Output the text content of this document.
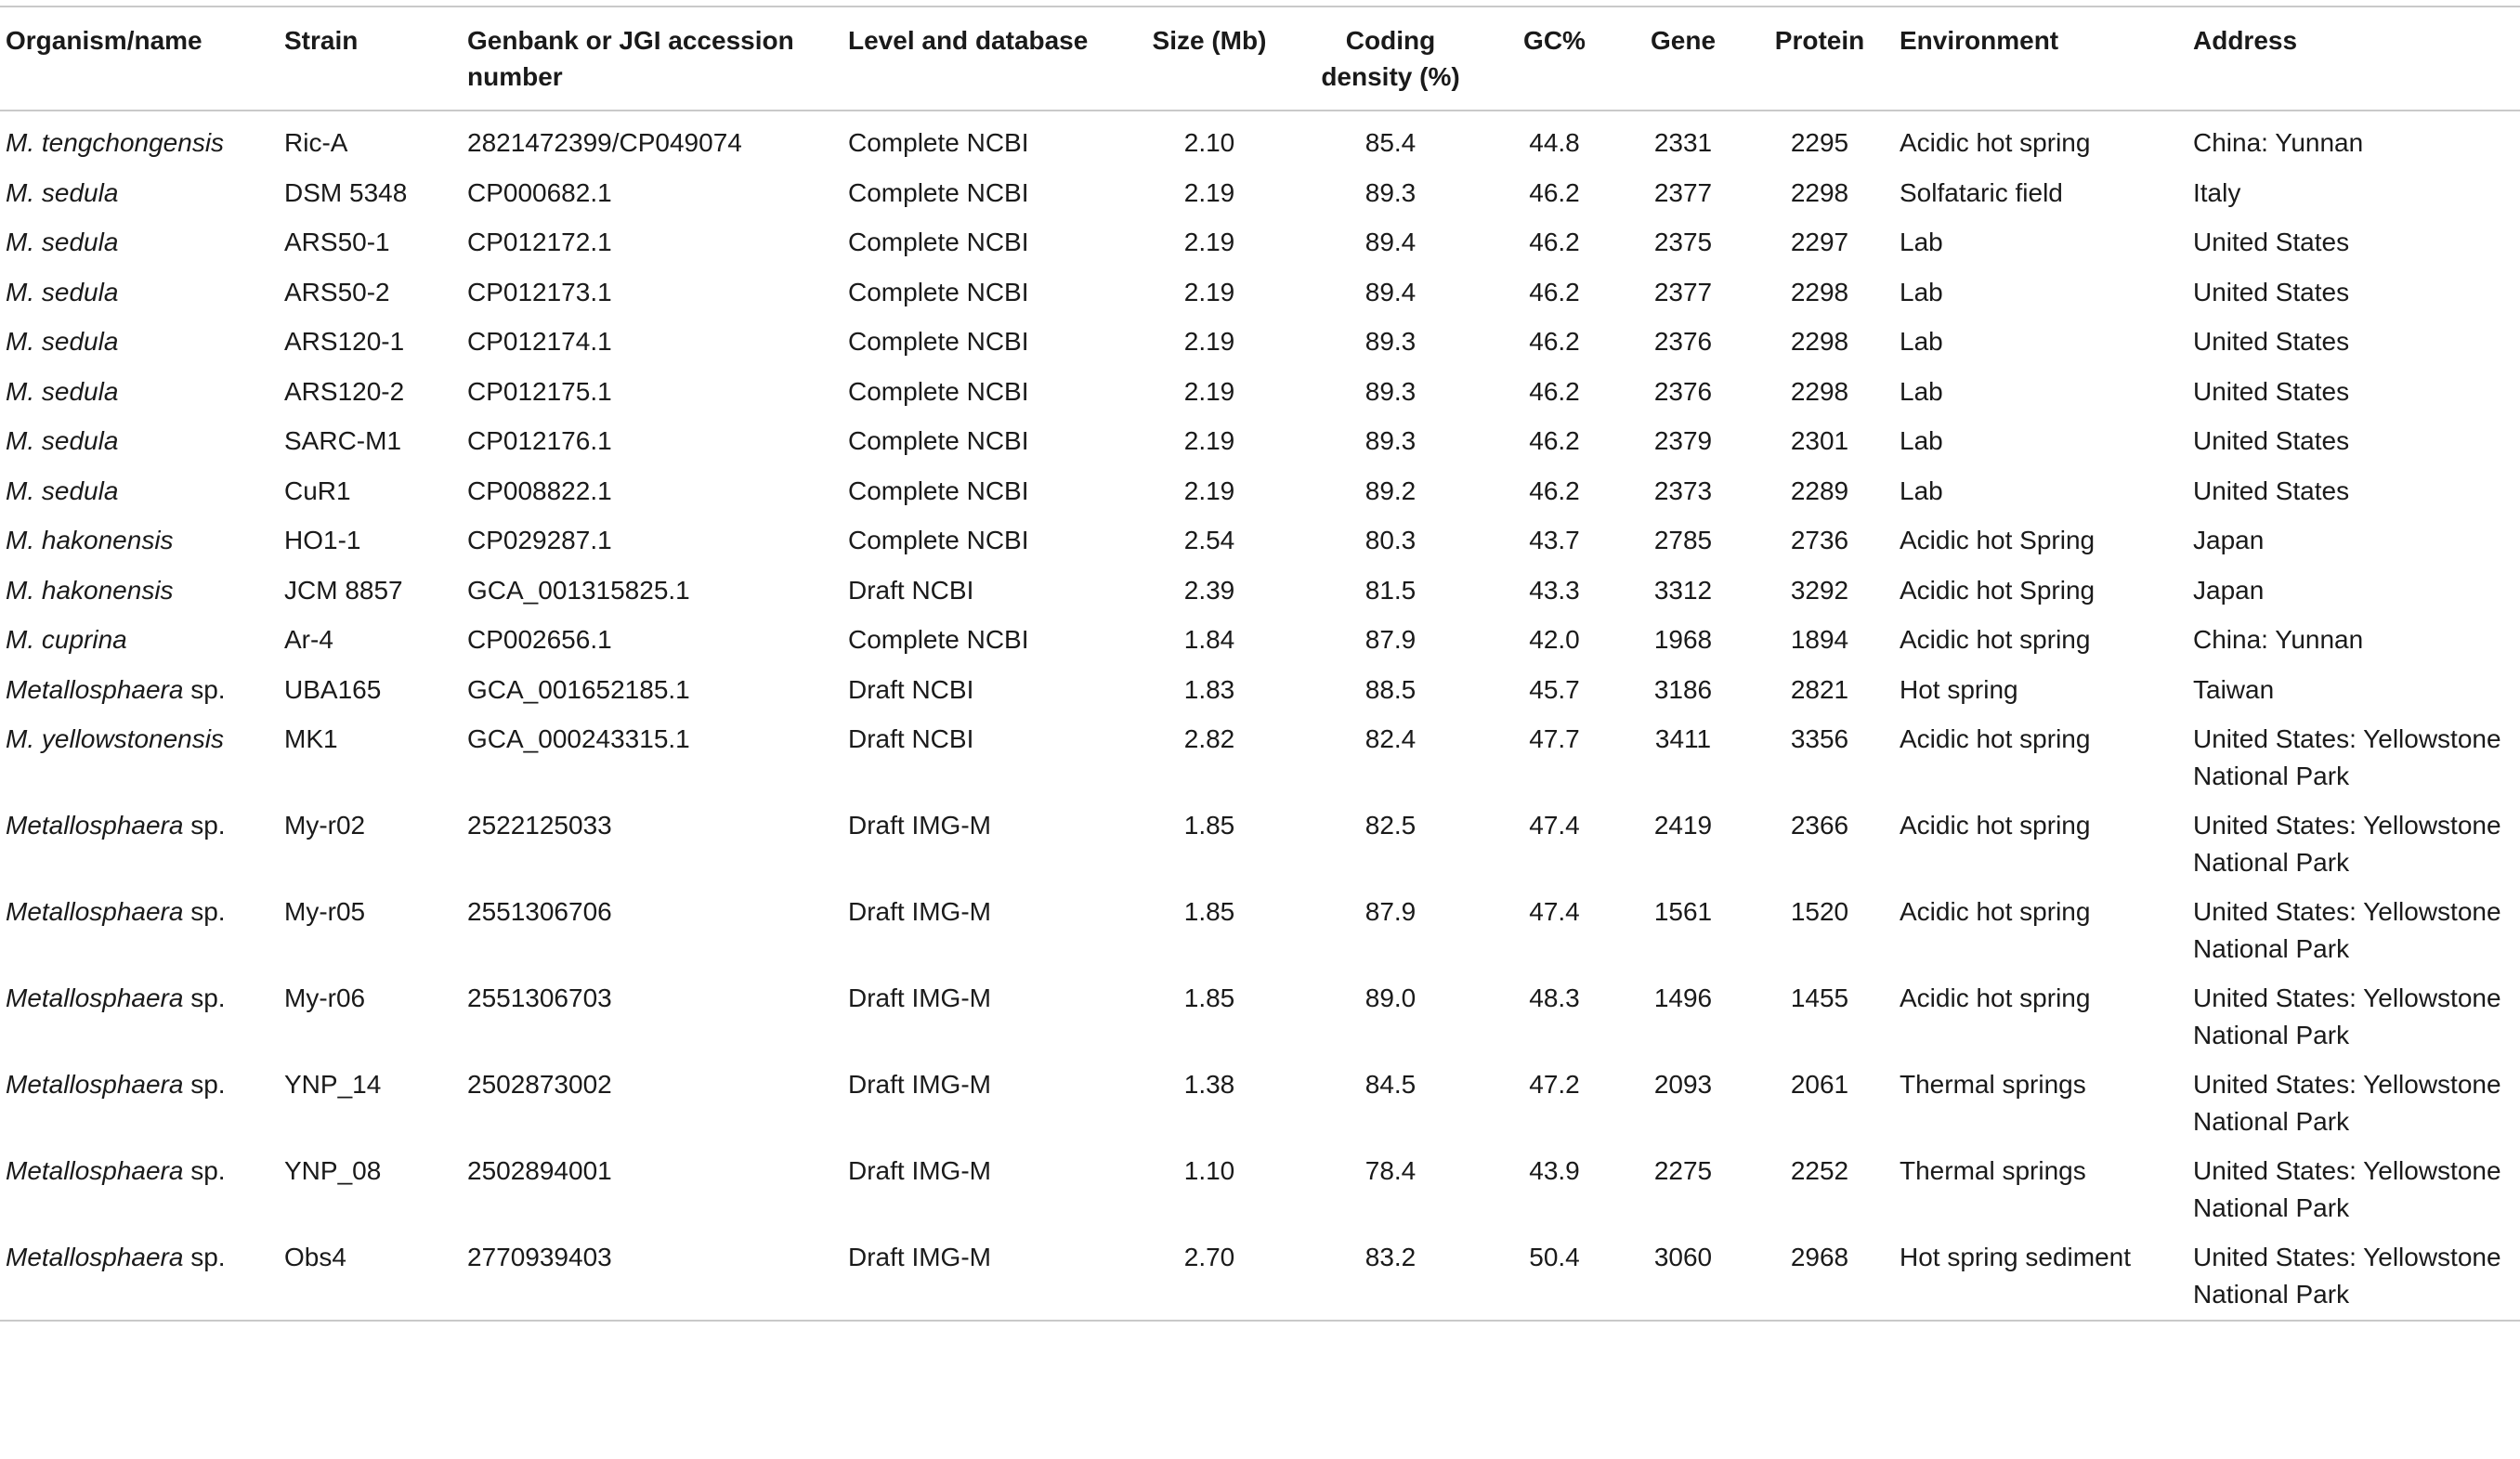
Organism/name	Strain	Genbank or JGI accession number	Level and database	Size (Mb)	Coding density (%)	GC%	Gene	Protein	Environment	Address
M. tengchongensis	Ric-A	2821472399/CP049074	Complete NCBI	2.10	85.4	44.8	2331	2295	Acidic hot spring	China: Yunnan
M. sedula	DSM 5348	CP000682.1	Complete NCBI	2.19	89.3	46.2	2377	2298	Solfataric field	Italy
M. sedula	ARS50-1	CP012172.1	Complete NCBI	2.19	89.4	46.2	2375	2297	Lab	United States
M. sedula	ARS50-2	CP012173.1	Complete NCBI	2.19	89.4	46.2	2377	2298	Lab	United States
M. sedula	ARS120-1	CP012174.1	Complete NCBI	2.19	89.3	46.2	2376	2298	Lab	United States
M. sedula	ARS120-2	CP012175.1	Complete NCBI	2.19	89.3	46.2	2376	2298	Lab	United States
M. sedula	SARC-M1	CP012176.1	Complete NCBI	2.19	89.3	46.2	2379	2301	Lab	United States
M. sedula	CuR1	CP008822.1	Complete NCBI	2.19	89.2	46.2	2373	2289	Lab	United States
M. hakonensis	HO1-1	CP029287.1	Complete NCBI	2.54	80.3	43.7	2785	2736	Acidic hot Spring	Japan
M. hakonensis	JCM 8857	GCA_001315825.1	Draft NCBI	2.39	81.5	43.3	3312	3292	Acidic hot Spring	Japan
M. cuprina	Ar-4	CP002656.1	Complete NCBI	1.84	87.9	42.0	1968	1894	Acidic hot spring	China: Yunnan
Metallosphaera sp.	UBA165	GCA_001652185.1	Draft NCBI	1.83	88.5	45.7	3186	2821	Hot spring	Taiwan
M. yellowstonensis	MK1	GCA_000243315.1	Draft NCBI	2.82	82.4	47.7	3411	3356	Acidic hot spring	United States: Yellowstone National Park
Metallosphaera sp.	My-r02	2522125033	Draft IMG-M	1.85	82.5	47.4	2419	2366	Acidic hot spring	United States: Yellowstone National Park
Metallosphaera sp.	My-r05	2551306706	Draft IMG-M	1.85	87.9	47.4	1561	1520	Acidic hot spring	United States: Yellowstone National Park
Metallosphaera sp.	My-r06	2551306703	Draft IMG-M	1.85	89.0	48.3	1496	1455	Acidic hot spring	United States: Yellowstone National Park
Metallosphaera sp.	YNP_14	2502873002	Draft IMG-M	1.38	84.5	47.2	2093	2061	Thermal springs	United States: Yellowstone National Park
Metallosphaera sp.	YNP_08	2502894001	Draft IMG-M	1.10	78.4	43.9	2275	2252	Thermal springs	United States: Yellowstone National Park
Metallosphaera sp.	Obs4	2770939403	Draft IMG-M	2.70	83.2	50.4	3060	2968	Hot spring sediment	United States: Yellowstone National Park
